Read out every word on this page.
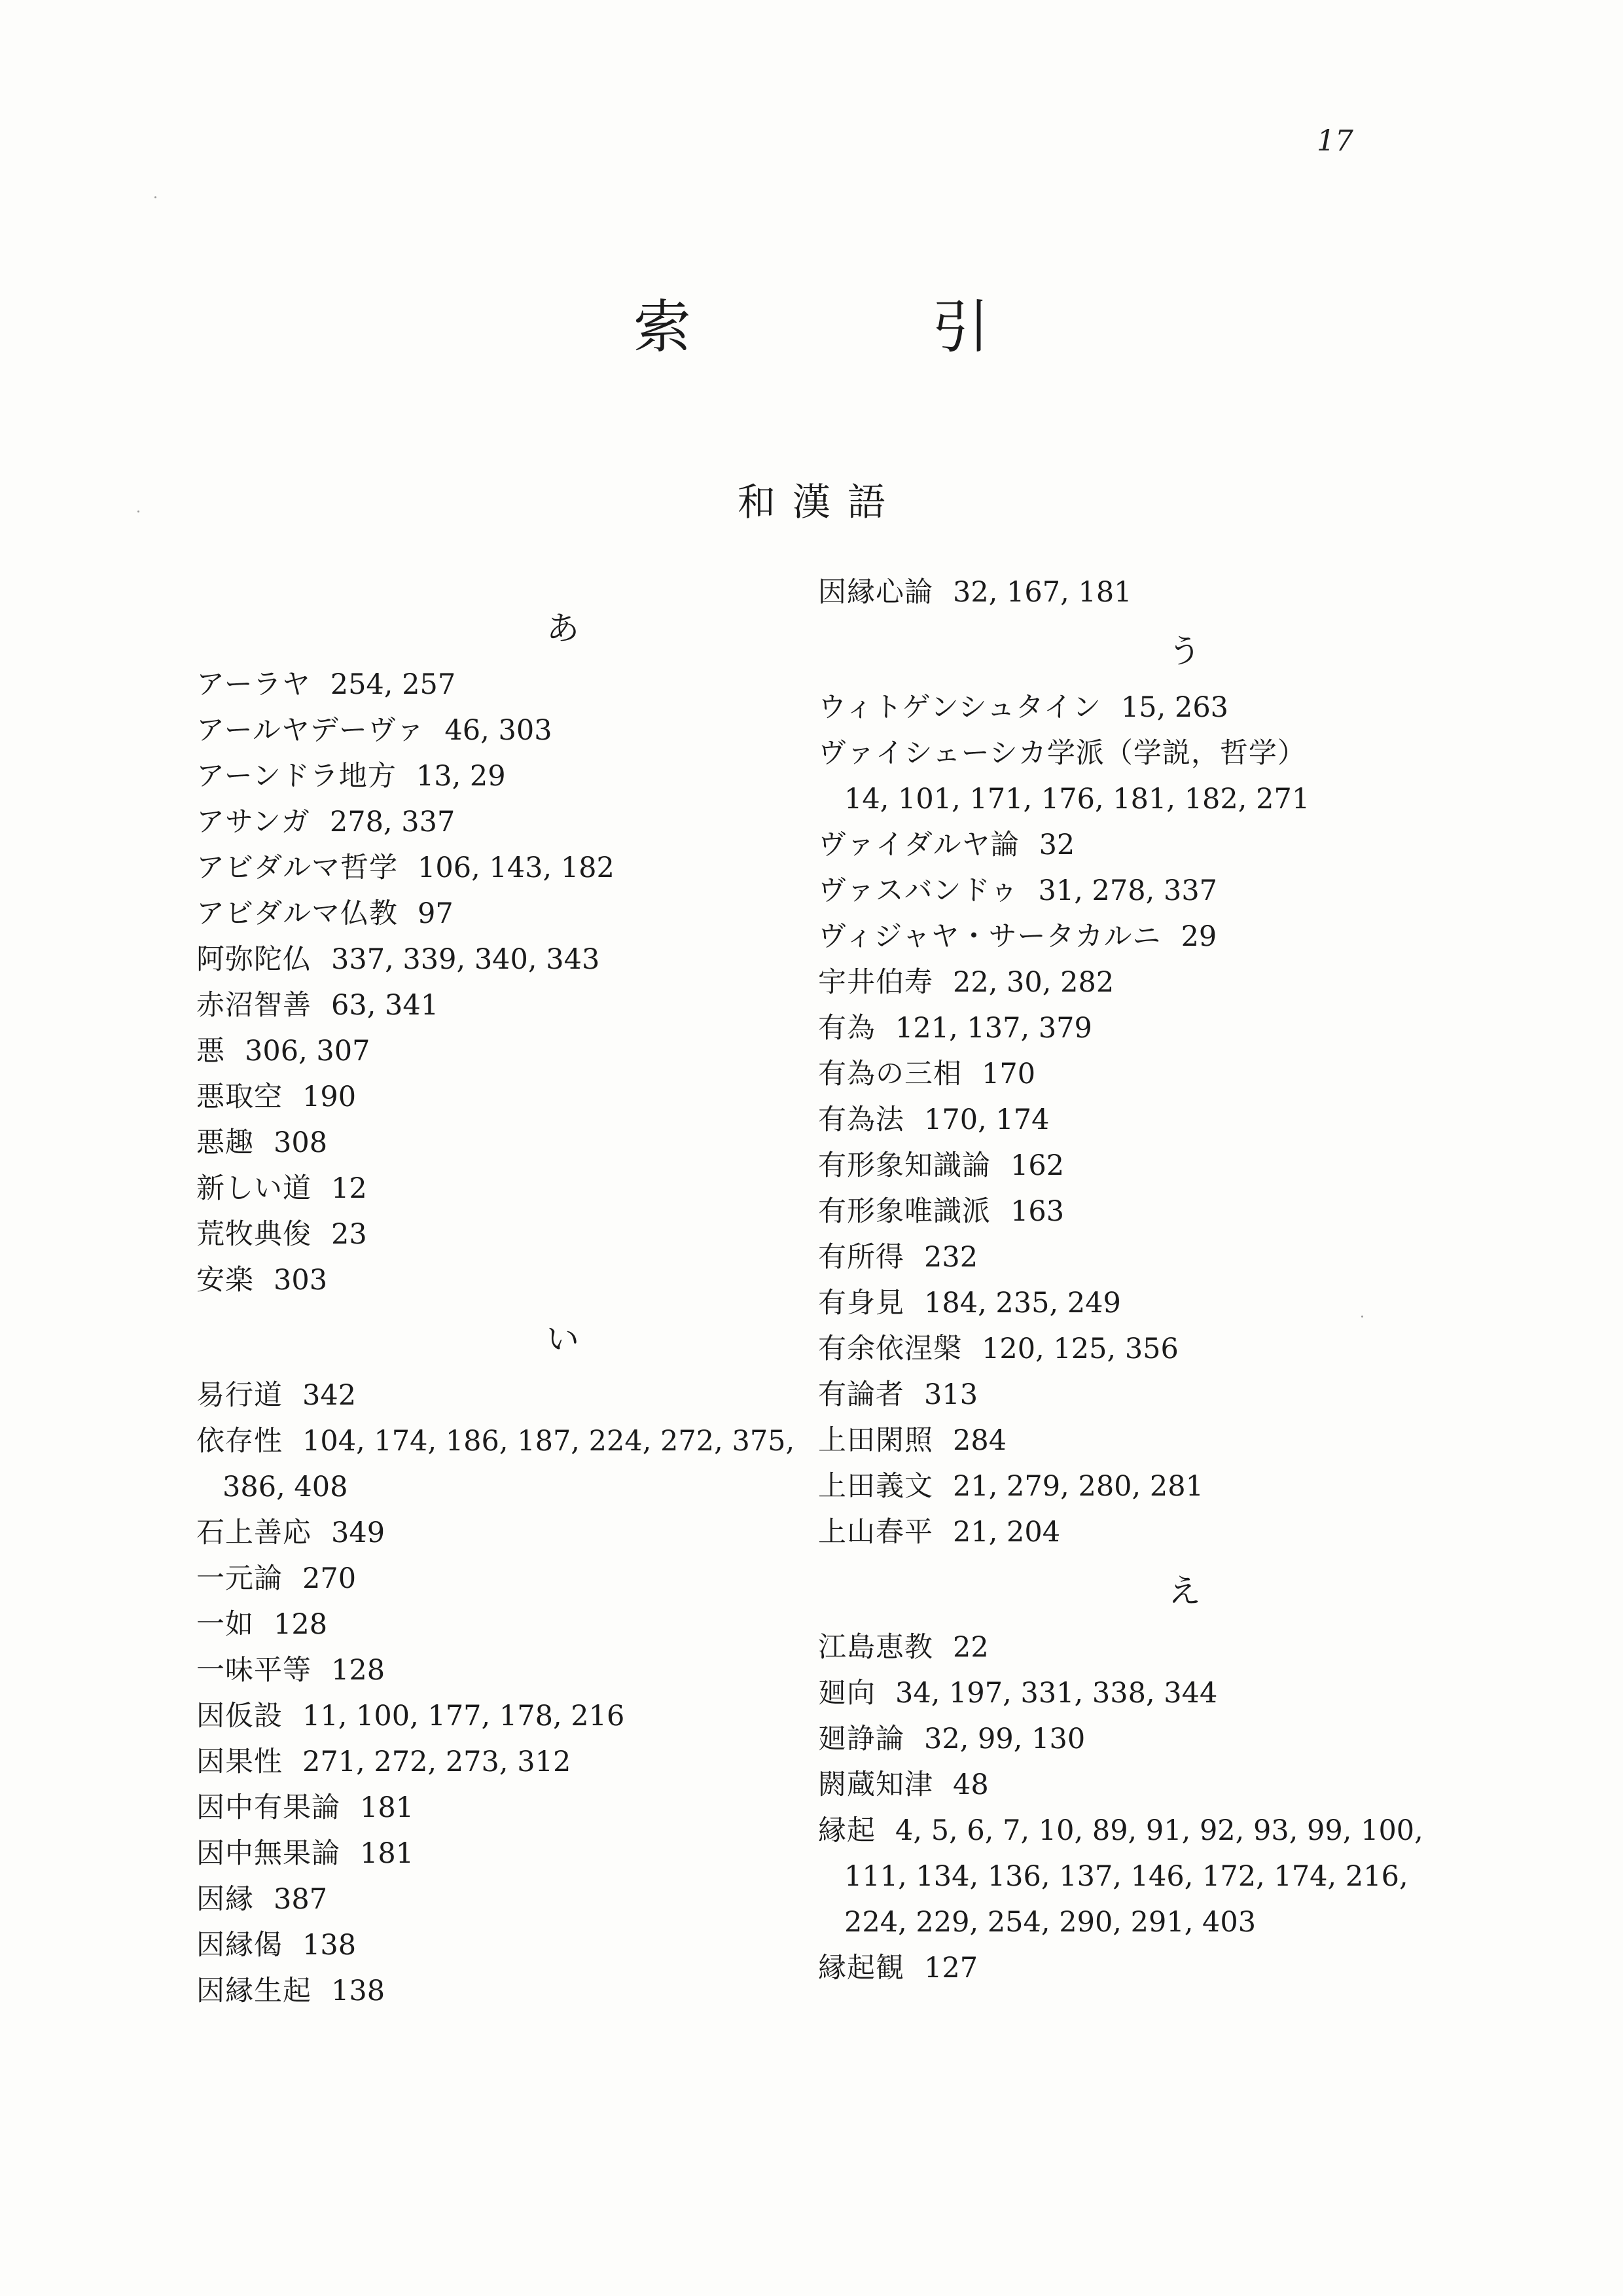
17
索　引
和漢語
あ
アーラヤ 254, 257
アールヤデーヴァ 46, 303
アーンドラ地方 13, 29
アサンガ 278, 337
アビダルマ哲学 106, 143, 182
アビダルマ仏教 97
阿弥陀仏 337, 339, 340, 343
赤沼智善 63, 341
悪 306, 307
悪取空 190
悪趣 308
新しい道 12
荒牧典俊 23
安楽 303
い
易行道 342
依存性 104, 174, 186, 187, 224, 272, 375,
386, 408
石上善応 349
一元論 270
一如 128
一味平等 128
因仮設 11, 100, 177, 178, 216
因果性 271, 272, 273, 312
因中有果論 181
因中無果論 181
因縁 387
因縁偈 138
因縁生起 138
因縁心論 32, 167, 181
う
ウィトゲンシュタイン 15, 263
ヴァイシェーシカ学派（学説，哲学）
14, 101, 171, 176, 181, 182, 271
ヴァイダルヤ論 32
ヴァスバンドゥ 31, 278, 337
ヴィジャヤ・サータカルニ 29
宇井伯寿 22, 30, 282
有為 121, 137, 379
有為の三相 170
有為法 170, 174
有形象知識論 162
有形象唯識派 163
有所得 232
有身見 184, 235, 249
有余依涅槃 120, 125, 356
有論者 313
上田閑照 284
上田義文 21, 279, 280, 281
上山春平 21, 204
え
江島恵教 22
廻向 34, 197, 331, 338, 344
廻諍論 32, 99, 130
閼蔵知津 48
縁起 4, 5, 6, 7, 10, 89, 91, 92, 93, 99, 100,
111, 134, 136, 137, 146, 172, 174, 216,
224, 229, 254, 290, 291, 403
縁起観 127
